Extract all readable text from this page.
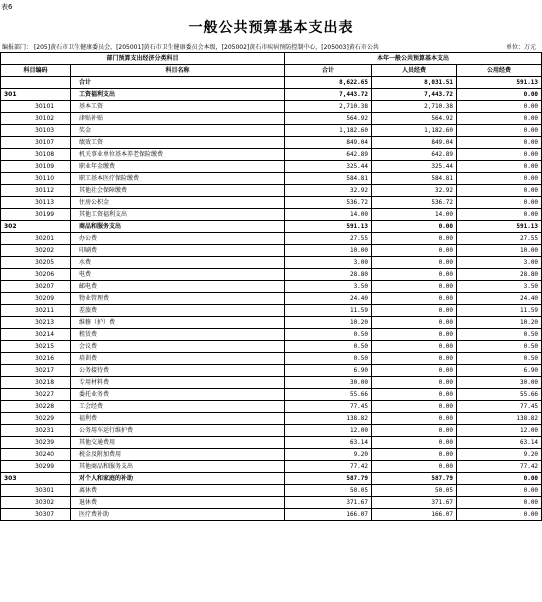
表6
一般公共预算基本支出表
编报部门： [205]黄石市卫生健康委员会，[205001]黄石市卫生健康委员会本级，[205002]黄石市疾病预防控制中心，[205003]黄石市公共	单位：万元
部门预算支出经济分类科目		本年一般公共预算基本支出		
科目编码	科目名称	合计	人员经费	公用经费
	合计	8,622.65	8,031.51	591.13
301	工资福利支出	7,443.72	7,443.72	0.00
30101	基本工资	2,710.38	2,710.38	0.00
30102	津贴补贴	564.92	564.92	0.00
30103	奖金	1,182.60	1,182.60	0.00
30107	绩效工资	849.04	849.04	0.00
30108	机关事业单位基本养老保险缴费	642.89	642.89	0.00
30109	职业年金缴费	325.44	325.44	0.00
30110	职工基本医疗保险缴费	584.81	584.81	0.00
30112	其他社会保障缴费	32.92	32.92	0.00
30113	住房公积金	536.72	536.72	0.00
30199	其他工资福利支出	14.00	14.00	0.00
302	商品和服务支出	591.13	0.00	591.13
30201	办公费	27.55	0.00	27.55
30202	印刷费	10.00	0.00	10.00
30205	水费	3.00	0.00	3.00
30206	电费	28.80	0.00	28.80
30207	邮电费	3.50	0.00	3.50
30209	物业管理费	24.40	0.00	24.40
30211	差旅费	11.59	0.00	11.59
30213	维修（护）费	10.20	0.00	10.20
30214	租赁费	0.50	0.00	0.50
30215	会议费	0.50	0.00	0.50
30216	培训费	0.50	0.00	0.50
30217	公务接待费	6.90	0.00	6.90
30218	专用材料费	30.00	0.00	30.00
30227	委托业务费	55.66	0.00	55.66
30228	工会经费	77.45	0.00	77.45
30229	福利费	138.82	0.00	138.82
30231	公务用车运行维护费	12.00	0.00	12.00
30239	其他交通费用	63.14	0.00	63.14
30240	税金及附加费用	9.20	0.00	9.20
30299	其他商品和服务支出	77.42	0.00	77.42
303	对个人和家庭的补助	587.79	587.79	0.00
30301	离休费	50.05	50.05	0.00
30302	退休费	371.67	371.67	0.00
30307	医疗费补助	166.07	166.07	0.00
